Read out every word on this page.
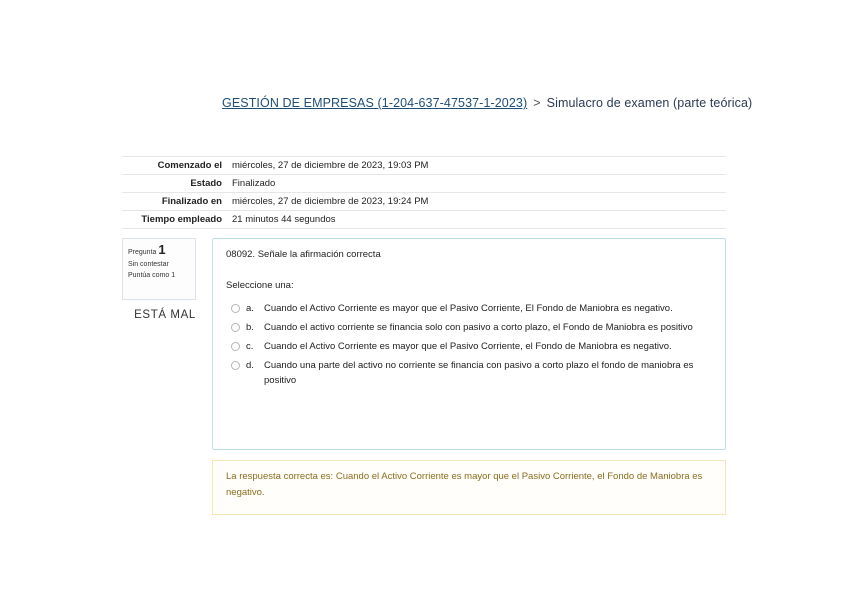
GESTIÓN DE EMPRESAS (1-204-637-47537-1-2023) > Simulacro de examen (parte teórica)
Comenzado el	miércoles, 27 de diciembre de 2023, 19:03 PM
Estado	Finalizado
Finalizado en	miércoles, 27 de diciembre de 2023, 19:24 PM
Tiempo empleado	21 minutos 44 segundos
Pregunta 1
Sin contestar
Puntúa como 1
ESTÁ MAL
08092. Señale la afirmación correcta
Seleccione una:
a.	Cuando el Activo Corriente es mayor que el Pasivo Corriente, El Fondo de Maniobra es negativo.
b.	Cuando el activo corriente se financia solo con pasivo a corto plazo, el Fondo de Maniobra es positivo
c.	Cuando el Activo Corriente es mayor que el Pasivo Corriente, el Fondo de Maniobra es negativo.
d.	Cuando una parte del activo no corriente se financia con pasivo a corto plazo el fondo de maniobra es positivo
La respuesta correcta es: Cuando el Activo Corriente es mayor que el Pasivo Corriente, el Fondo de Maniobra es negativo.
